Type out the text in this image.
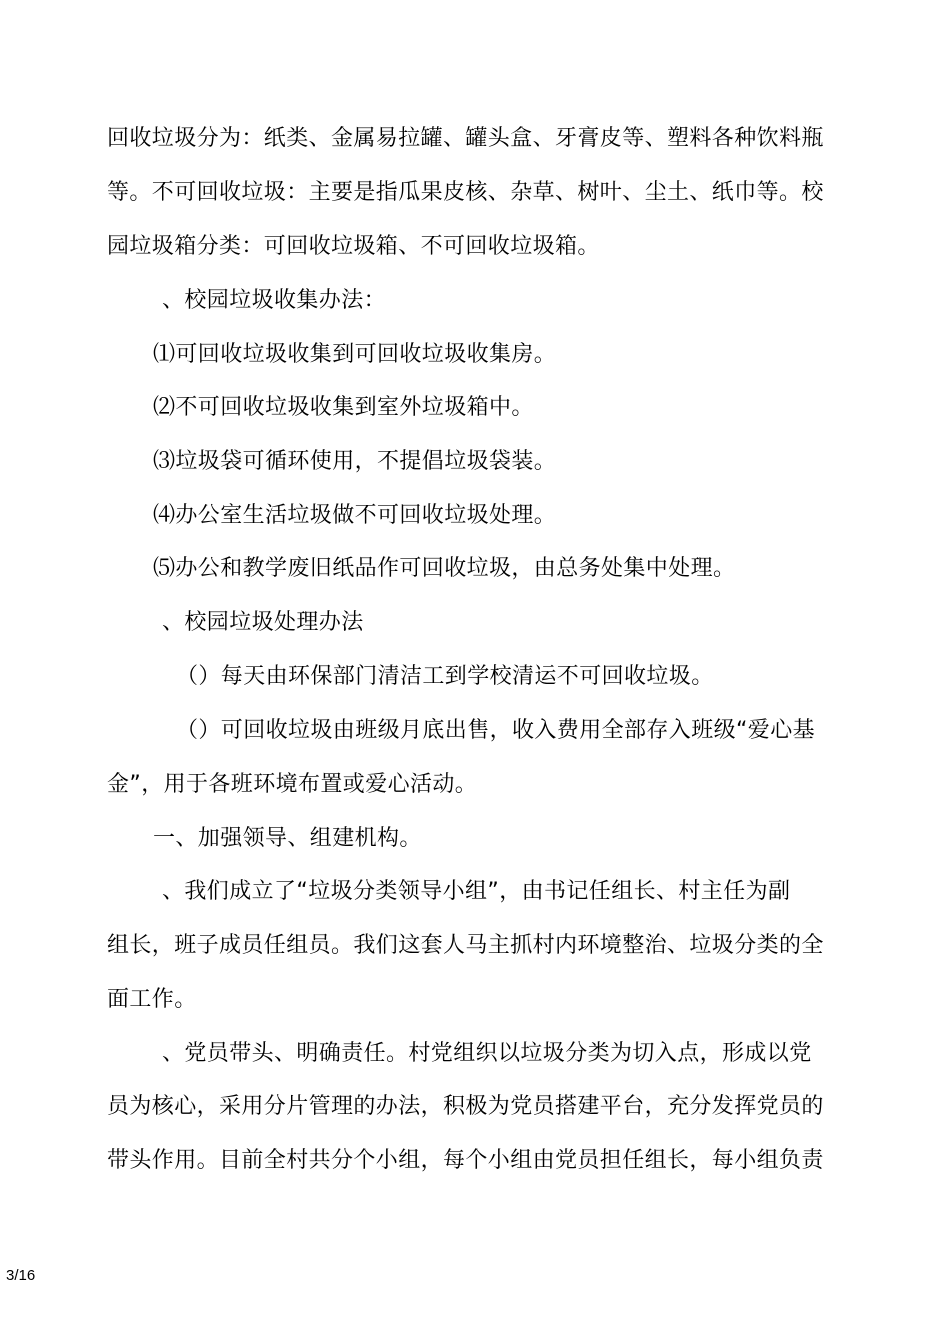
回收垃圾分为：纸类、金属易拉罐、罐头盒、牙膏皮等、塑料各种饮料瓶
等。不可回收垃圾：主要是指瓜果皮核、杂草、树叶、尘土、纸巾等。校
园垃圾箱分类：可回收垃圾箱、不可回收垃圾箱。
、校园垃圾收集办法：
⑴可回收垃圾收集到可回收垃圾收集房。
⑵不可回收垃圾收集到室外垃圾箱中。
⑶垃圾袋可循环使用，不提倡垃圾袋装。
⑷办公室生活垃圾做不可回收垃圾处理。
⑸办公和教学废旧纸品作可回收垃圾，由总务处集中处理。
、校园垃圾处理办法
（）每天由环保部门清洁工到学校清运不可回收垃圾。
（）可回收垃圾由班级月底出售，收入费用全部存入班级“爱心基
金”，用于各班环境布置或爱心活动。
一、加强领导、组建机构。
、我们成立了“垃圾分类领导小组”，由书记任组长、村主任为副
组长，班子成员任组员。我们这套人马主抓村内环境整治、垃圾分类的全
面工作。
、党员带头、明确责任。村党组织以垃圾分类为切入点，形成以党
员为核心，采用分片管理的办法，积极为党员搭建平台，充分发挥党员的
带头作用。目前全村共分个小组，每个小组由党员担任组长，每小组负责
3/16
